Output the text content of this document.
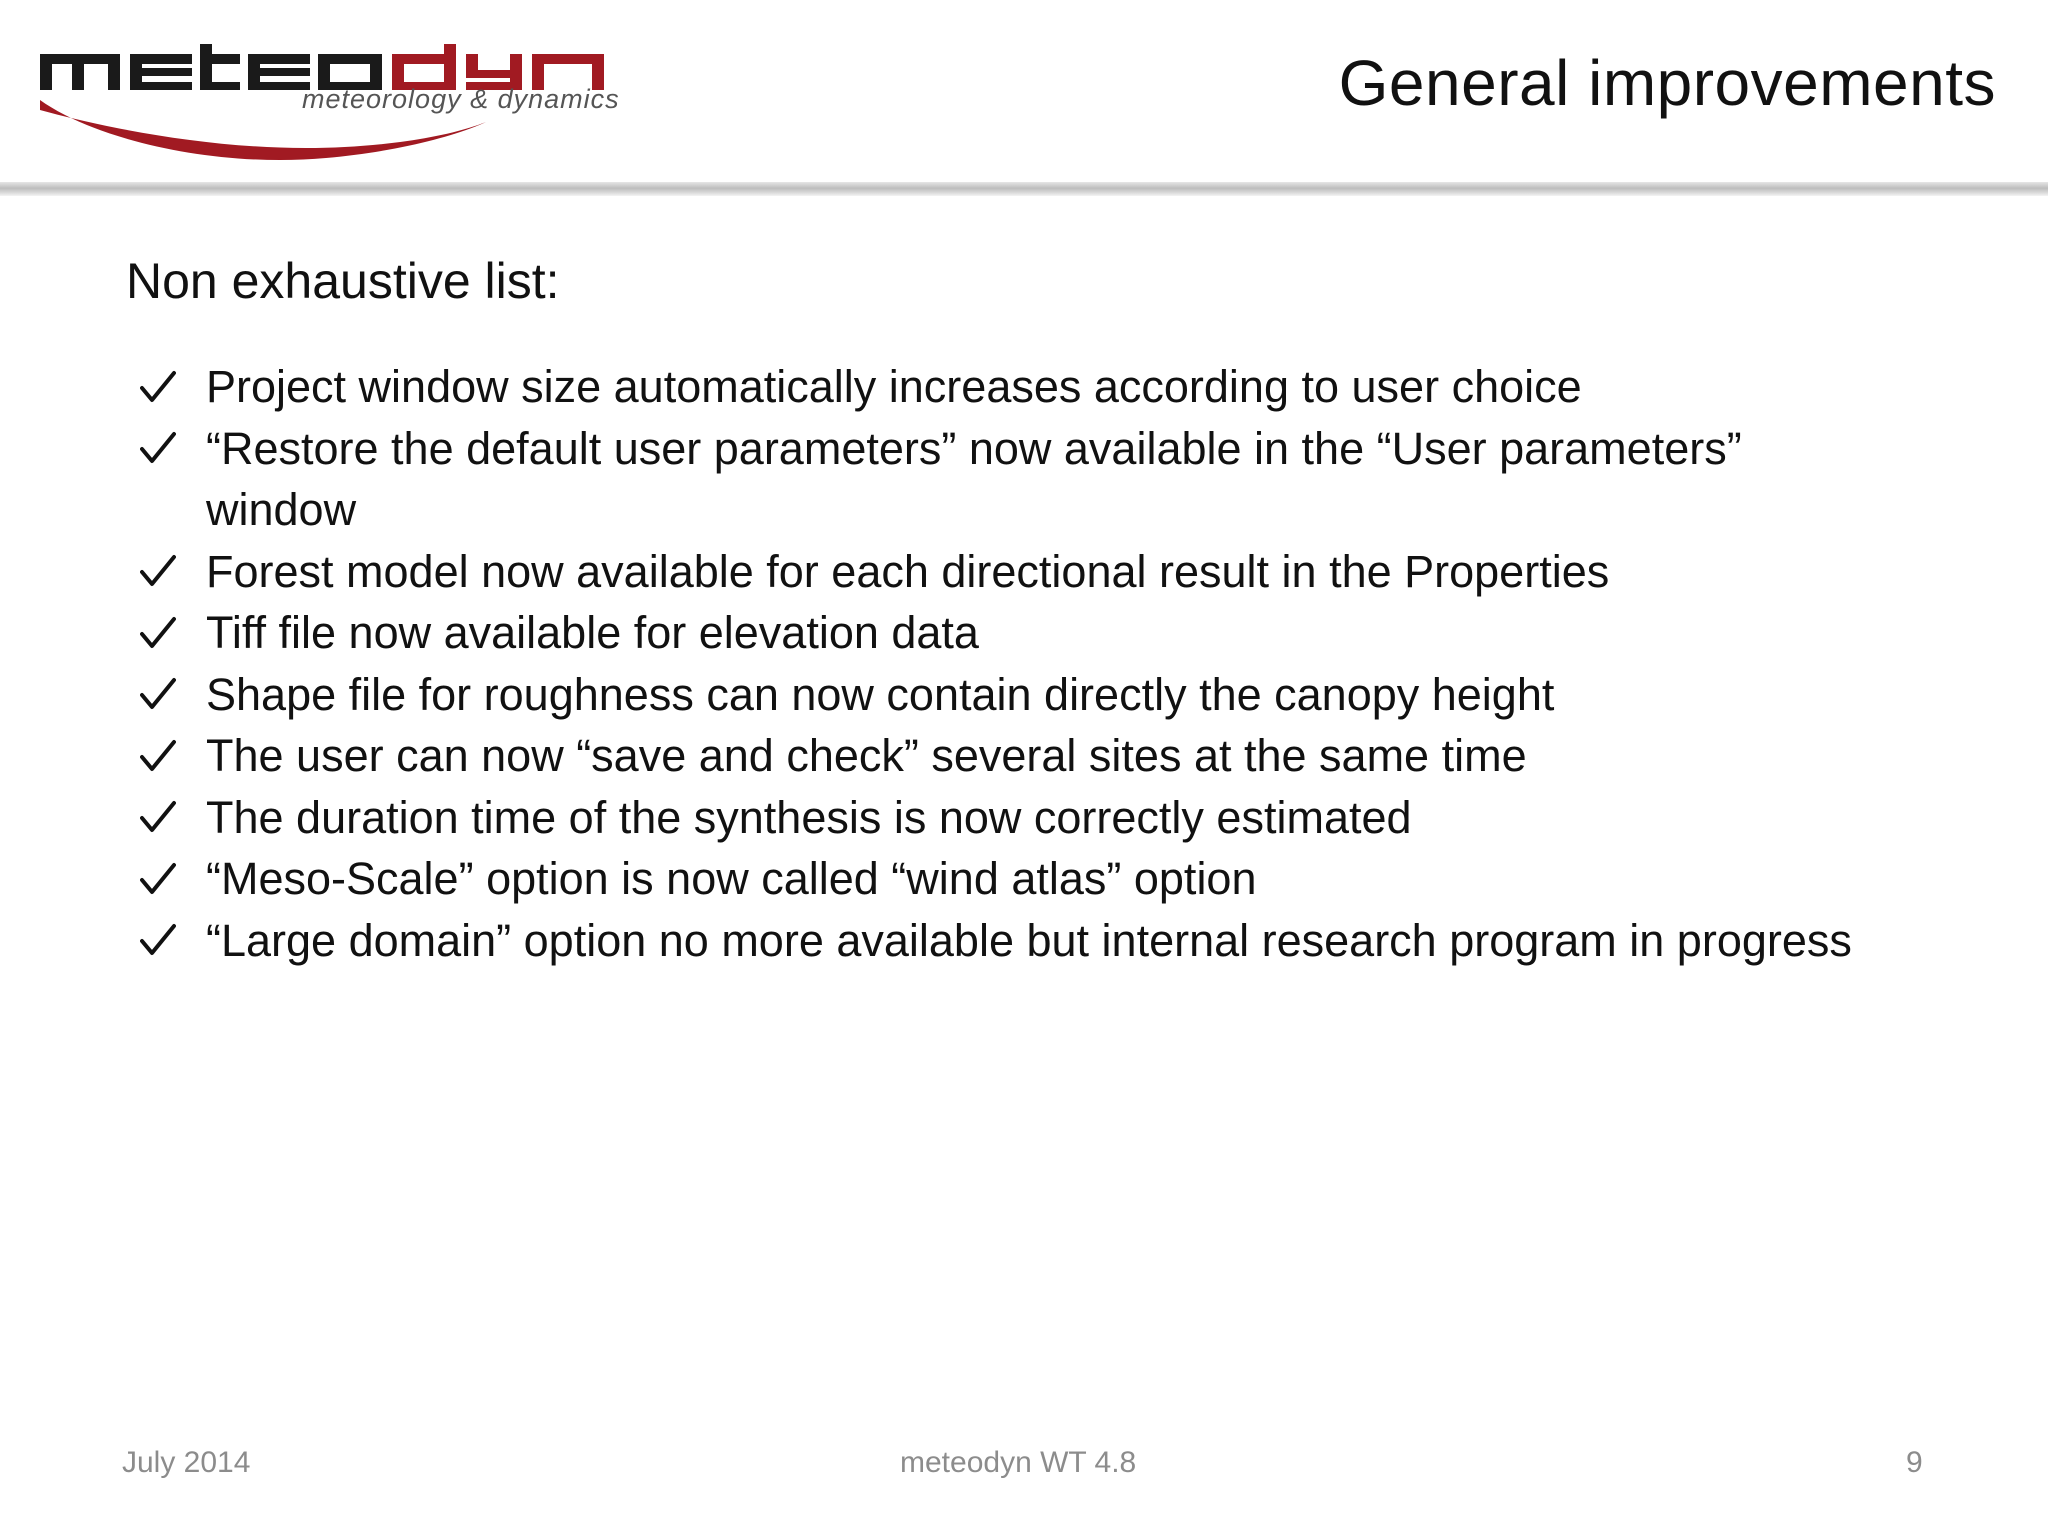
meteorology & dynamics	General improvements
Non exhaustive list:
Project window size automatically increases according to user choice
“Restore the default user parameters” now available in the “User parameters” window
Forest model now available for each directional result in the Properties
Tiff file now available for elevation data
Shape file for roughness can now contain directly the canopy height
The user can now “save and check” several sites at the same time
The duration time of the synthesis is now correctly estimated
“Meso-Scale” option is now called “wind atlas” option
“Large domain” option no more available but internal research program in progress
July 2014	meteodyn WT 4.8	9
